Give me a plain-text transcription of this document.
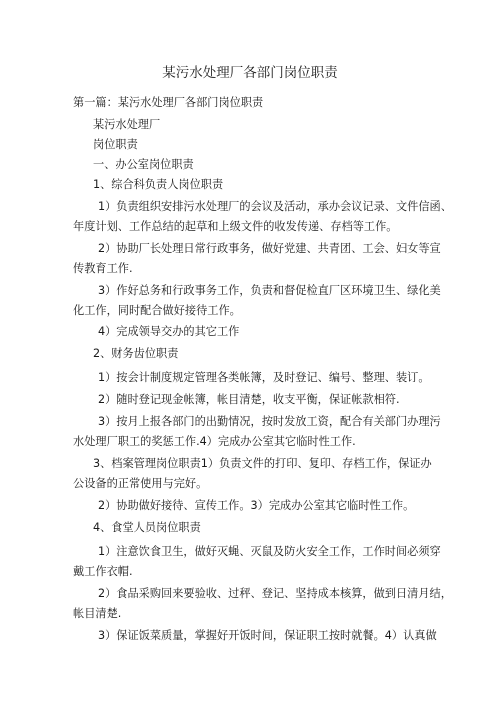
某污水处理厂各部门岗位职责

第一篇：某污水处理厂各部门岗位职责

某污水处理厂

岗位职责

一、办公室岗位职责

1、综合科负责人岗位职责

1）负责组织安排污水处理厂的会议及活动，承办会议记录、文件信函、

年度计划、工作总结的起草和上级文件的收发传递、存档等工作。

2）协助厂长处理日常行政事务，做好党建、共青团、工会、妇女等宣

传教育工作.

3）作好总务和行政事务工作，负责和督促检直厂区环境卫生、绿化美

化工作，同时配合做好接待工作。

4）完成领导交办的其它工作

2、财务齿位职责

1）按会计制度规定管理各类帐簿，及时登记、编号、整理、装订。

2）随时登记现金帐簿，帐目清楚，收支平衡，保证帐款相符.

3）按月上报各部门的出勤情况，按时发放工资，配合有关部门办理污

水处理厂职工的奖惩工作.4）完成办公室其它临时性工作.

3、档案管理岗位职责1）负责文件的打印、复印、存档工作，保证办

公设备的正常使用与完好。

2）协助做好接待、宣传工作。3）完成办公室其它临时性工作。

4、食堂人员岗位职责

1）注意饮食卫生，做好灭蝇、灭鼠及防火安全工作，工作时间必须穿

戴工作衣帽.

2）食品采购回来要验收、过秤、登记、坚持成本核算，做到日清月结，

帐目清楚.

3）保证饭菜质量，掌握好开饭时间，保证职工按时就餐。4）认真做
